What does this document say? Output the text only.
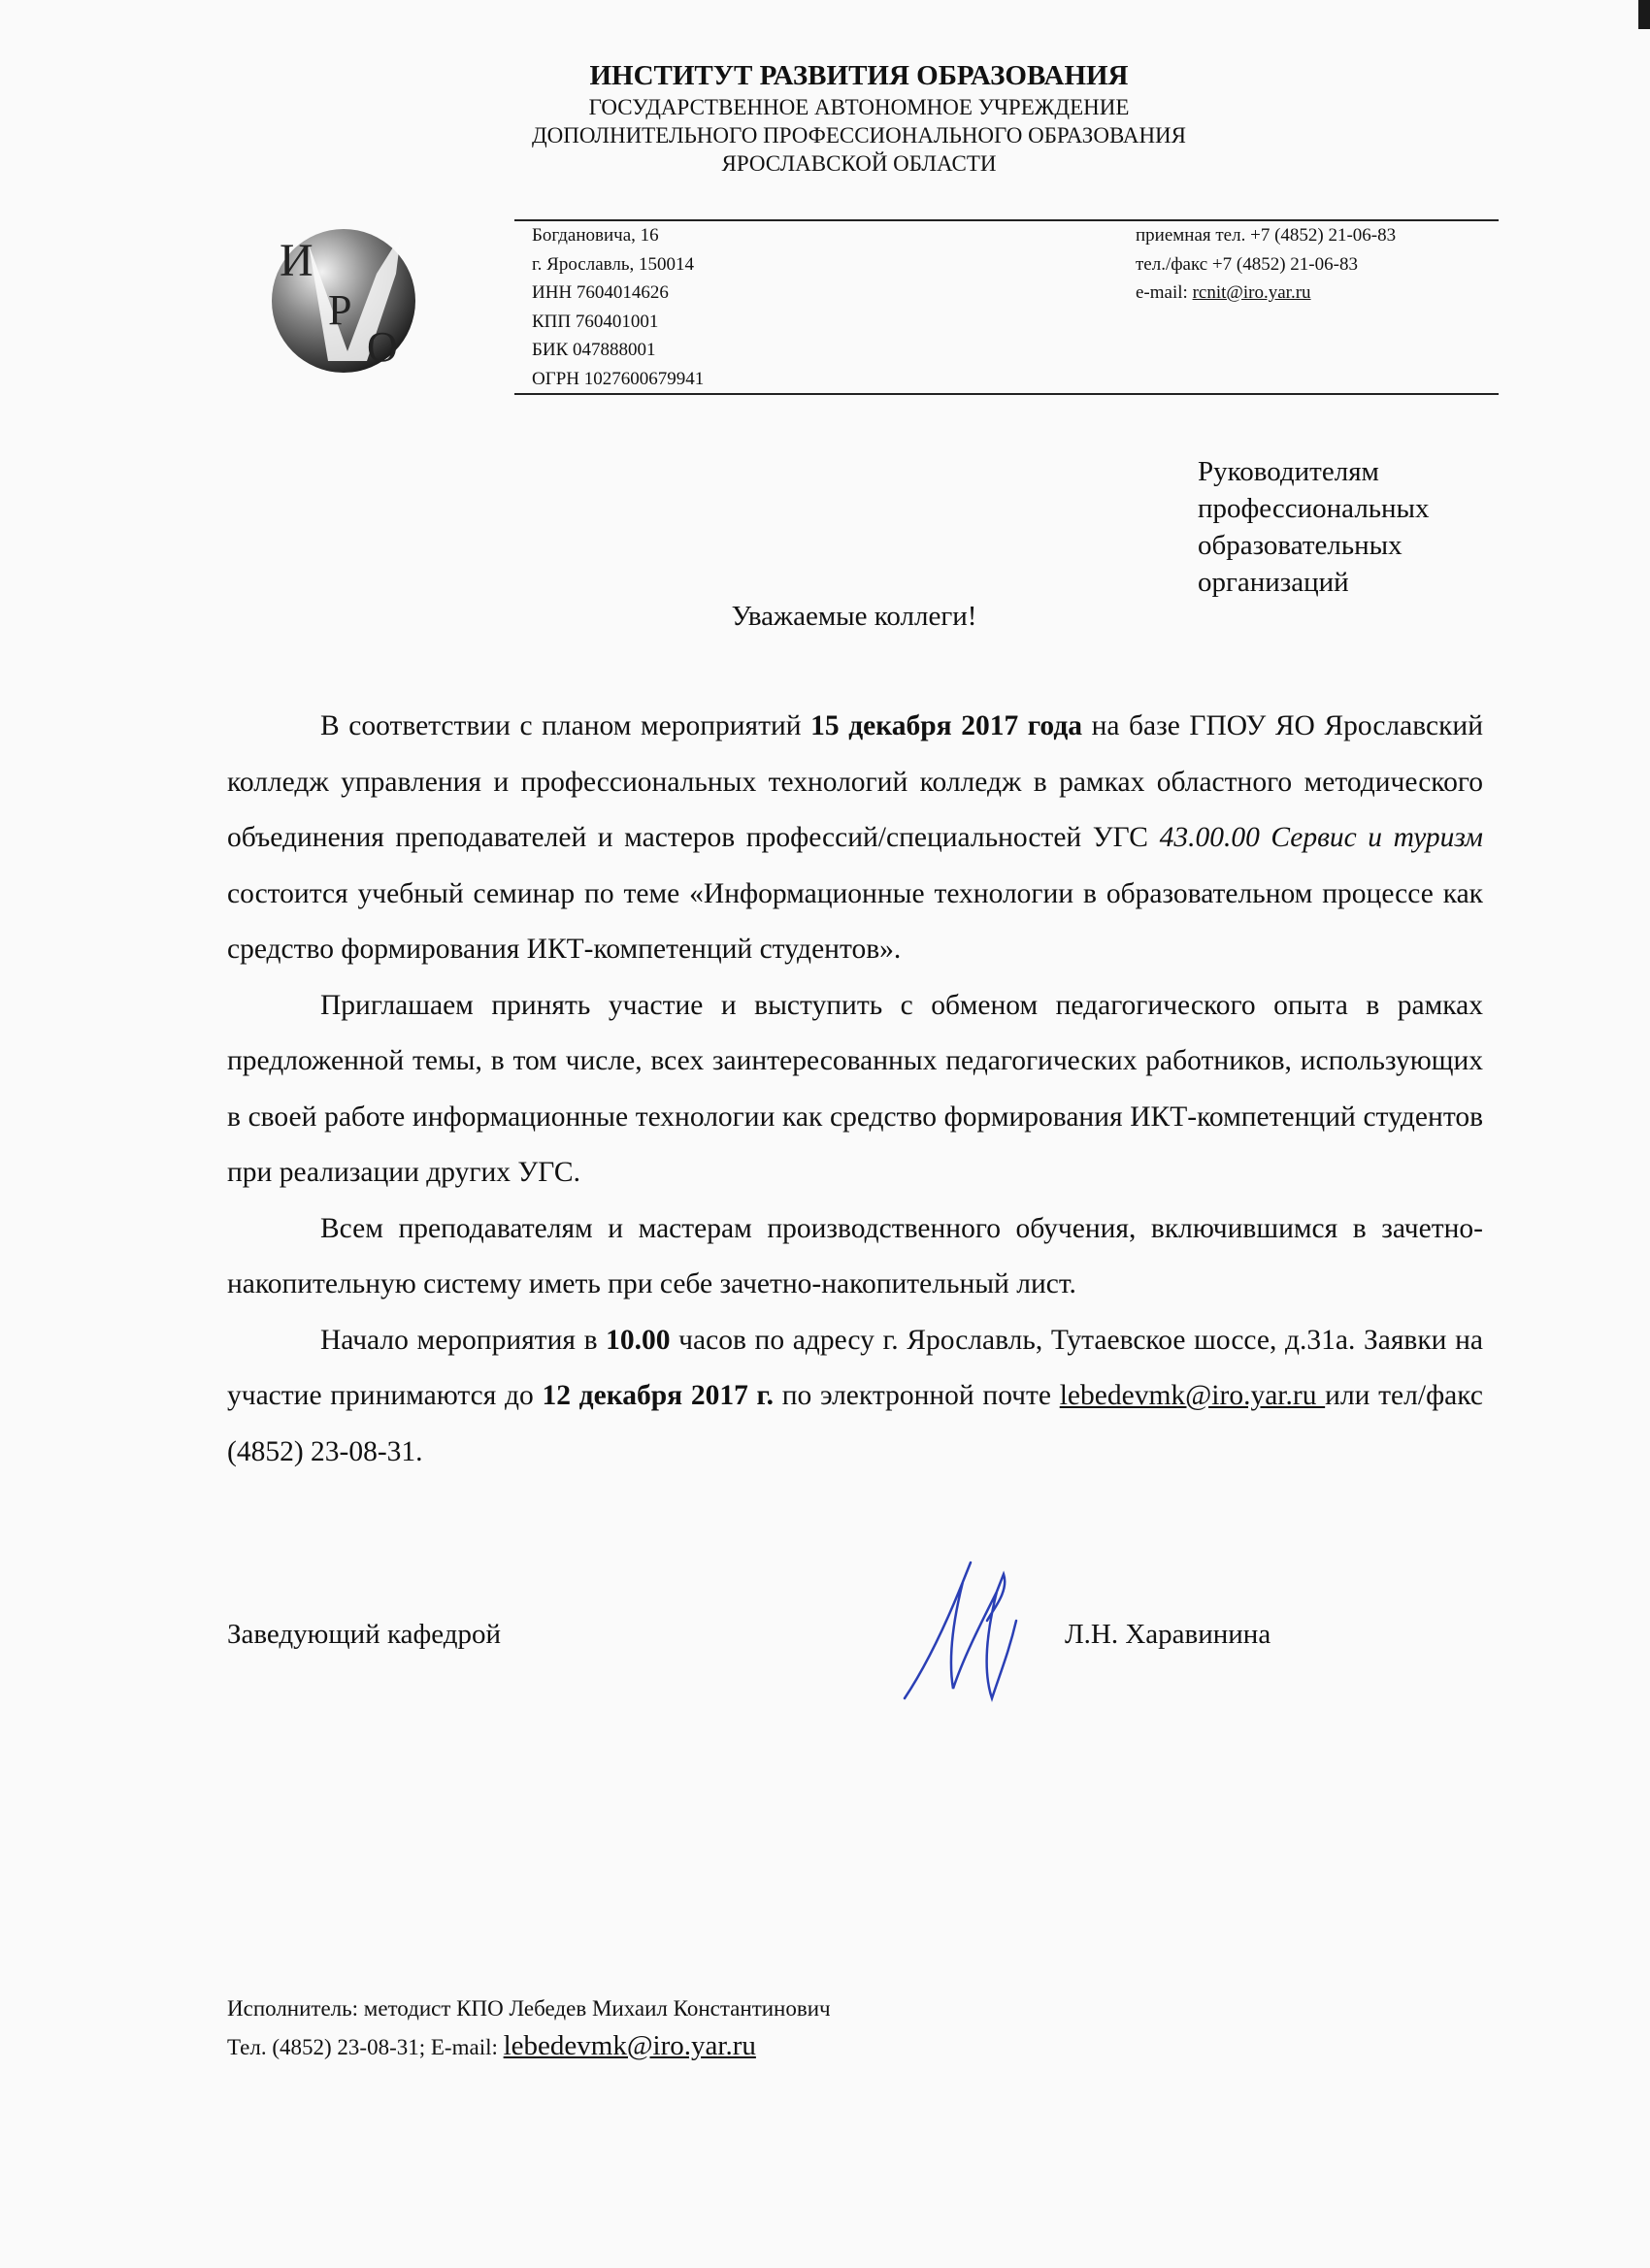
ИНСТИТУТ РАЗВИТИЯ ОБРАЗОВАНИЯ
ГОСУДАРСТВЕННОЕ АВТОНОМНОЕ УЧРЕЖДЕНИЕ
ДОПОЛНИТЕЛЬНОГО ПРОФЕССИОНАЛЬНОГО ОБРАЗОВАНИЯ
ЯРОСЛАВСКОЙ ОБЛАСТИ
И
Р
О
Богдановича, 16
г. Ярославль, 150014
ИНН 7604014626
КПП 760401001
БИК 047888001
ОГРН 1027600679941
приемная тел. +7 (4852) 21-06-83
тел./факс +7 (4852) 21-06-83
e-mail: rcnit@iro.yar.ru
Руководителям
профессиональных
образовательных
организаций
Уважаемые коллеги!

В соответствии с планом мероприятий 15 декабря 2017 года на базе ГПОУ ЯО Ярославский колледж управления и профессиональных технологий колледж в рамках областного методического объединения преподавателей и мастеров профессий/специальностей УГС 43.00.00 Сервис и туризм состоится учебный семинар по теме «Информационные технологии в образовательном процессе как средство формирования ИКТ-компетенций студентов».

Приглашаем принять участие и выступить с обменом педагогического опыта в рамках предложенной темы, в том числе, всех заинтересованных педагогических работников, использующих в своей работе информационные технологии как средство формирования ИКТ-компетенций студентов при реализации других УГС.

Всем преподавателям и мастерам производственного обучения, включившимся в зачетно-накопительную систему иметь при себе зачетно-накопительный лист.

Начало мероприятия в 10.00 часов по адресу г. Ярославль, Тутаевское шоссе, д.31а. Заявки на участие принимаются до 12 декабря 2017 г. по электронной почте lebedevmk@iro.yar.ru или тел/факс (4852) 23-08-31.

Заведующий кафедрой	Л.Н. Харавинина
Исполнитель: методист КПО Лебедев Михаил Константинович
Тел. (4852) 23-08-31; E-mail: lebedevmk@iro.yar.ru
